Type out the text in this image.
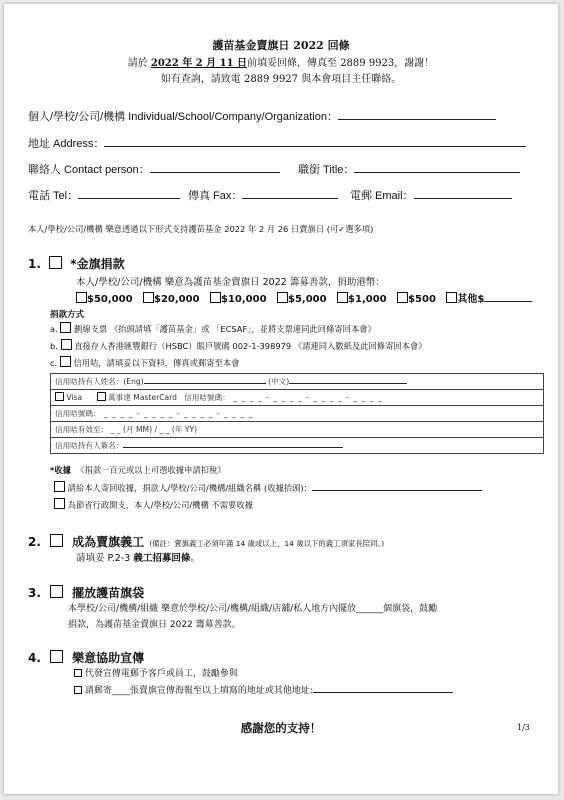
護苗基金賣旗日 2022 回條
請於 2022 年 2 月 11 日前填妥回條，傳真至 2889 9923，謝謝！
如有查詢，請致電 2889 9927 與本會項目主任聯絡。
個人/學校/公司/機構 Individual/School/Company/Organization：
地址 Address：
聯絡人 Contact person：	職銜 Title：
電話 Tel：	傳真 Fax：	電郵 Email：
本人/學校/公司/機構 樂意透過以下形式支持護苗基金 2022 年 2 月 26 日賣旗日 (可✓選多項)
1. *金旗捐款
本人/學校/公司/機構 樂意為護苗基金賣旗日 2022 籌募善款，捐助港幣：
$50,000 $20,000 $10,000 $5,000 $1,000 $500 其他$
捐款方式
a. 劃線支票 《抬頭請填「護苗基金」或 「ECSAF」，並將支票連同此回條寄回本會》
b. 直接存入香港匯豐銀行（HSBC）賬戶號碼 002-1-398979 《請連同入數紙及此回條寄回本會》
c. 信用咭，請填妥以下資料，傳真或郵寄至本會
信用咭持有人姓名：(Eng)	(中文)
Visa	萬事達 MasterCard 信用咭號碼： _ _ _ _ - _ _ _ _ - _ _ _ _ - _ _ _ _
信用咭號碼： _ _ _ _ - _ _ _ _ - _ _ _ _ - _ _ _ _
信用咭有效至： _ _ (月 MM) / _ _ (年 YY)
信用咭持有人簽名：
*收據 《捐款一百元或以上可憑收據申請扣稅》
請給本人寄回收據，捐款人/學校/公司/機構/組織名稱 (收據抬頭)：
為節省行政開支，本人/學校/公司/機構 不需要收據
2.	成為賣旗義工 (備註：賣旗義工必須年滿 14 歲或以上，14 歲以下的義工須家長陪同。)
請填妥 P.2-3 義工招募回條。
3.	擺放護苗旗袋
本學校/公司/機構/組織 樂意於學校/公司/機構/組織/店舖/私人地方內擺放______個旗袋，鼓勵
捐款，為護苗基金賣旗日 2022 籌募善款。
4.	樂意協助宣傳
代發宣傳電郵予客戶或員工，鼓勵參與
請郵寄____張賣旗宣傳海報至以上填寫的地址或其他地址:
感謝您的支持！	1/3
